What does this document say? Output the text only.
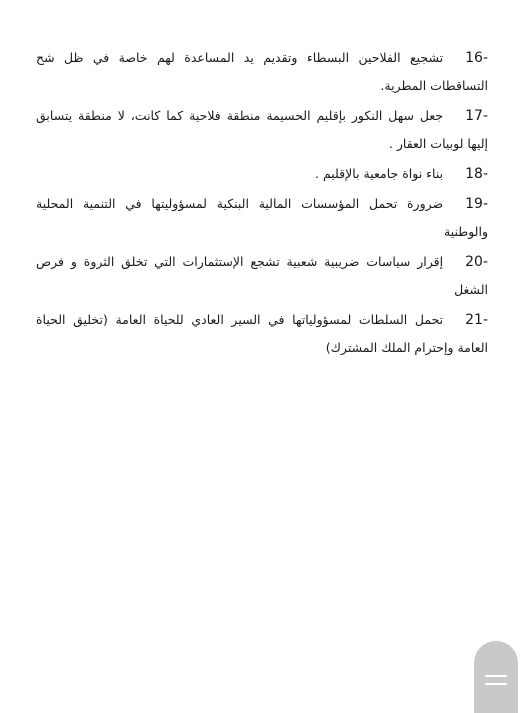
16-تشجيع الفلاحين البسطاء وتقديم يد المساعدة لهم خاصة في ظل شح التساقطات المطرية.

17-جعل سهل النكور بإقليم الحسيمة منطقة فلاحية كما كانت، لا منطقة يتسابق إليها لوبيات العقار .

18-بناء نواة جامعية بالإقليم .

19-ضرورة تحمل المؤسسات المالية البنكية لمسؤوليتها في التنمية المحلية والوطنية

20-إقرار سياسات ضريبية شعبية تشجع الإستثمارات التي تخلق الثروة و فرص الشغل

21-تحمل السلطات لمسؤولياتها في السير العادي للحياة العامة (تخليق الحياة العامة وإحترام الملك المشترك)
